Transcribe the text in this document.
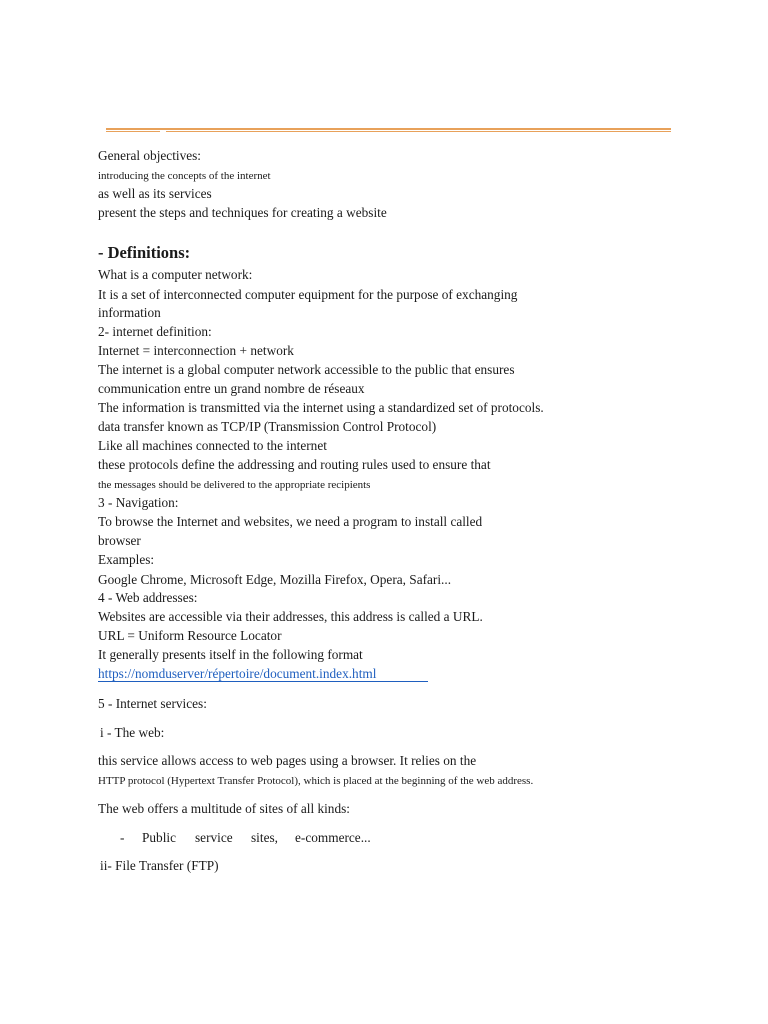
General objectives:
introducing the concepts of the internet
as well as its services
present the steps and techniques for creating a website
- Definitions:
What is a computer network:
It is a set of interconnected computer equipment for the purpose of exchanging
information
2- internet definition:
Internet = interconnection + network
The internet is a global computer network accessible to the public that ensures
communication entre un grand nombre de réseaux
The information is transmitted via the internet using a standardized set of protocols.
data transfer known as TCP/IP (Transmission Control Protocol)
Like all machines connected to the internet
these protocols define the addressing and routing rules used to ensure that
the messages should be delivered to the appropriate recipients
3 - Navigation:
To browse the Internet and websites, we need a program to install called
browser
Examples:
Google Chrome, Microsoft Edge, Mozilla Firefox, Opera, Safari...
4 - Web addresses:
Websites are accessible via their addresses, this address is called a URL.
URL = Uniform Resource Locator
It generally presents itself in the following format
https://nomduserver/répertoire/document.index.html
5 - Internet services:
i - The web:
this service allows access to web pages using a browser. It relies on the
HTTP protocol (Hypertext Transfer Protocol), which is placed at the beginning of the web address.
The web offers a multitude of sites of all kinds:
- Public service sites, e-commerce...
ii- File Transfer (FTP)
